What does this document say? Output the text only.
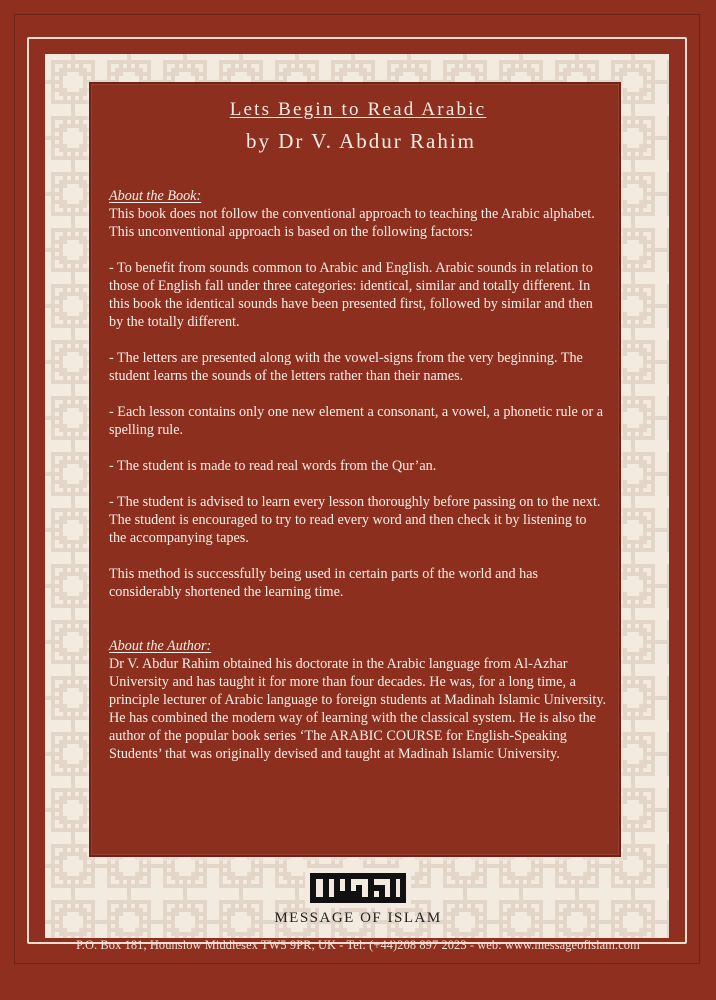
Lets Begin to Read Arabic
by Dr V. Abdur Rahim
About the Book:

This book does not follow the conventional approach to teaching the Arabic alphabet. This unconventional approach is based on the following factors:

- To benefit from sounds common to Arabic and English. Arabic sounds in relation to those of English fall under three categories: identical, similar and totally different. In this book the identical sounds have been presented first, followed by similar and then by the totally different.

- The letters are presented along with the vowel-signs from the very beginning. The student learns the sounds of the letters rather than their names.

- Each lesson contains only one new element a consonant, a vowel, a phonetic rule or a spelling rule.

- The student is made to read real words from the Qur’an.

- The student is advised to learn every lesson thoroughly before passing on to the next. The student is encouraged to try to read every word and then check it by listening to the accompanying tapes.

This method is successfully being used in certain parts of the world and has considerably shortened the learning time.

About the Author:

Dr V. Abdur Rahim obtained his doctorate in the Arabic language from Al-Azhar University and has taught it for more than four decades. He was, for a long time, a principle lecturer of Arabic language to foreign students at Madinah Islamic University. He has combined the modern way of learning with the classical system. He is also the author of the popular book series ‘The ARABIC COURSE for English-Speaking Students’ that was originally devised and taught at Madinah Islamic University.

MESSAGE OF ISLAM
P.O. Box 181, Hounslow Middlesex TW5 9PR, UK - Tel: (+44)208 897 2023 - web: www.messageofislam.com
